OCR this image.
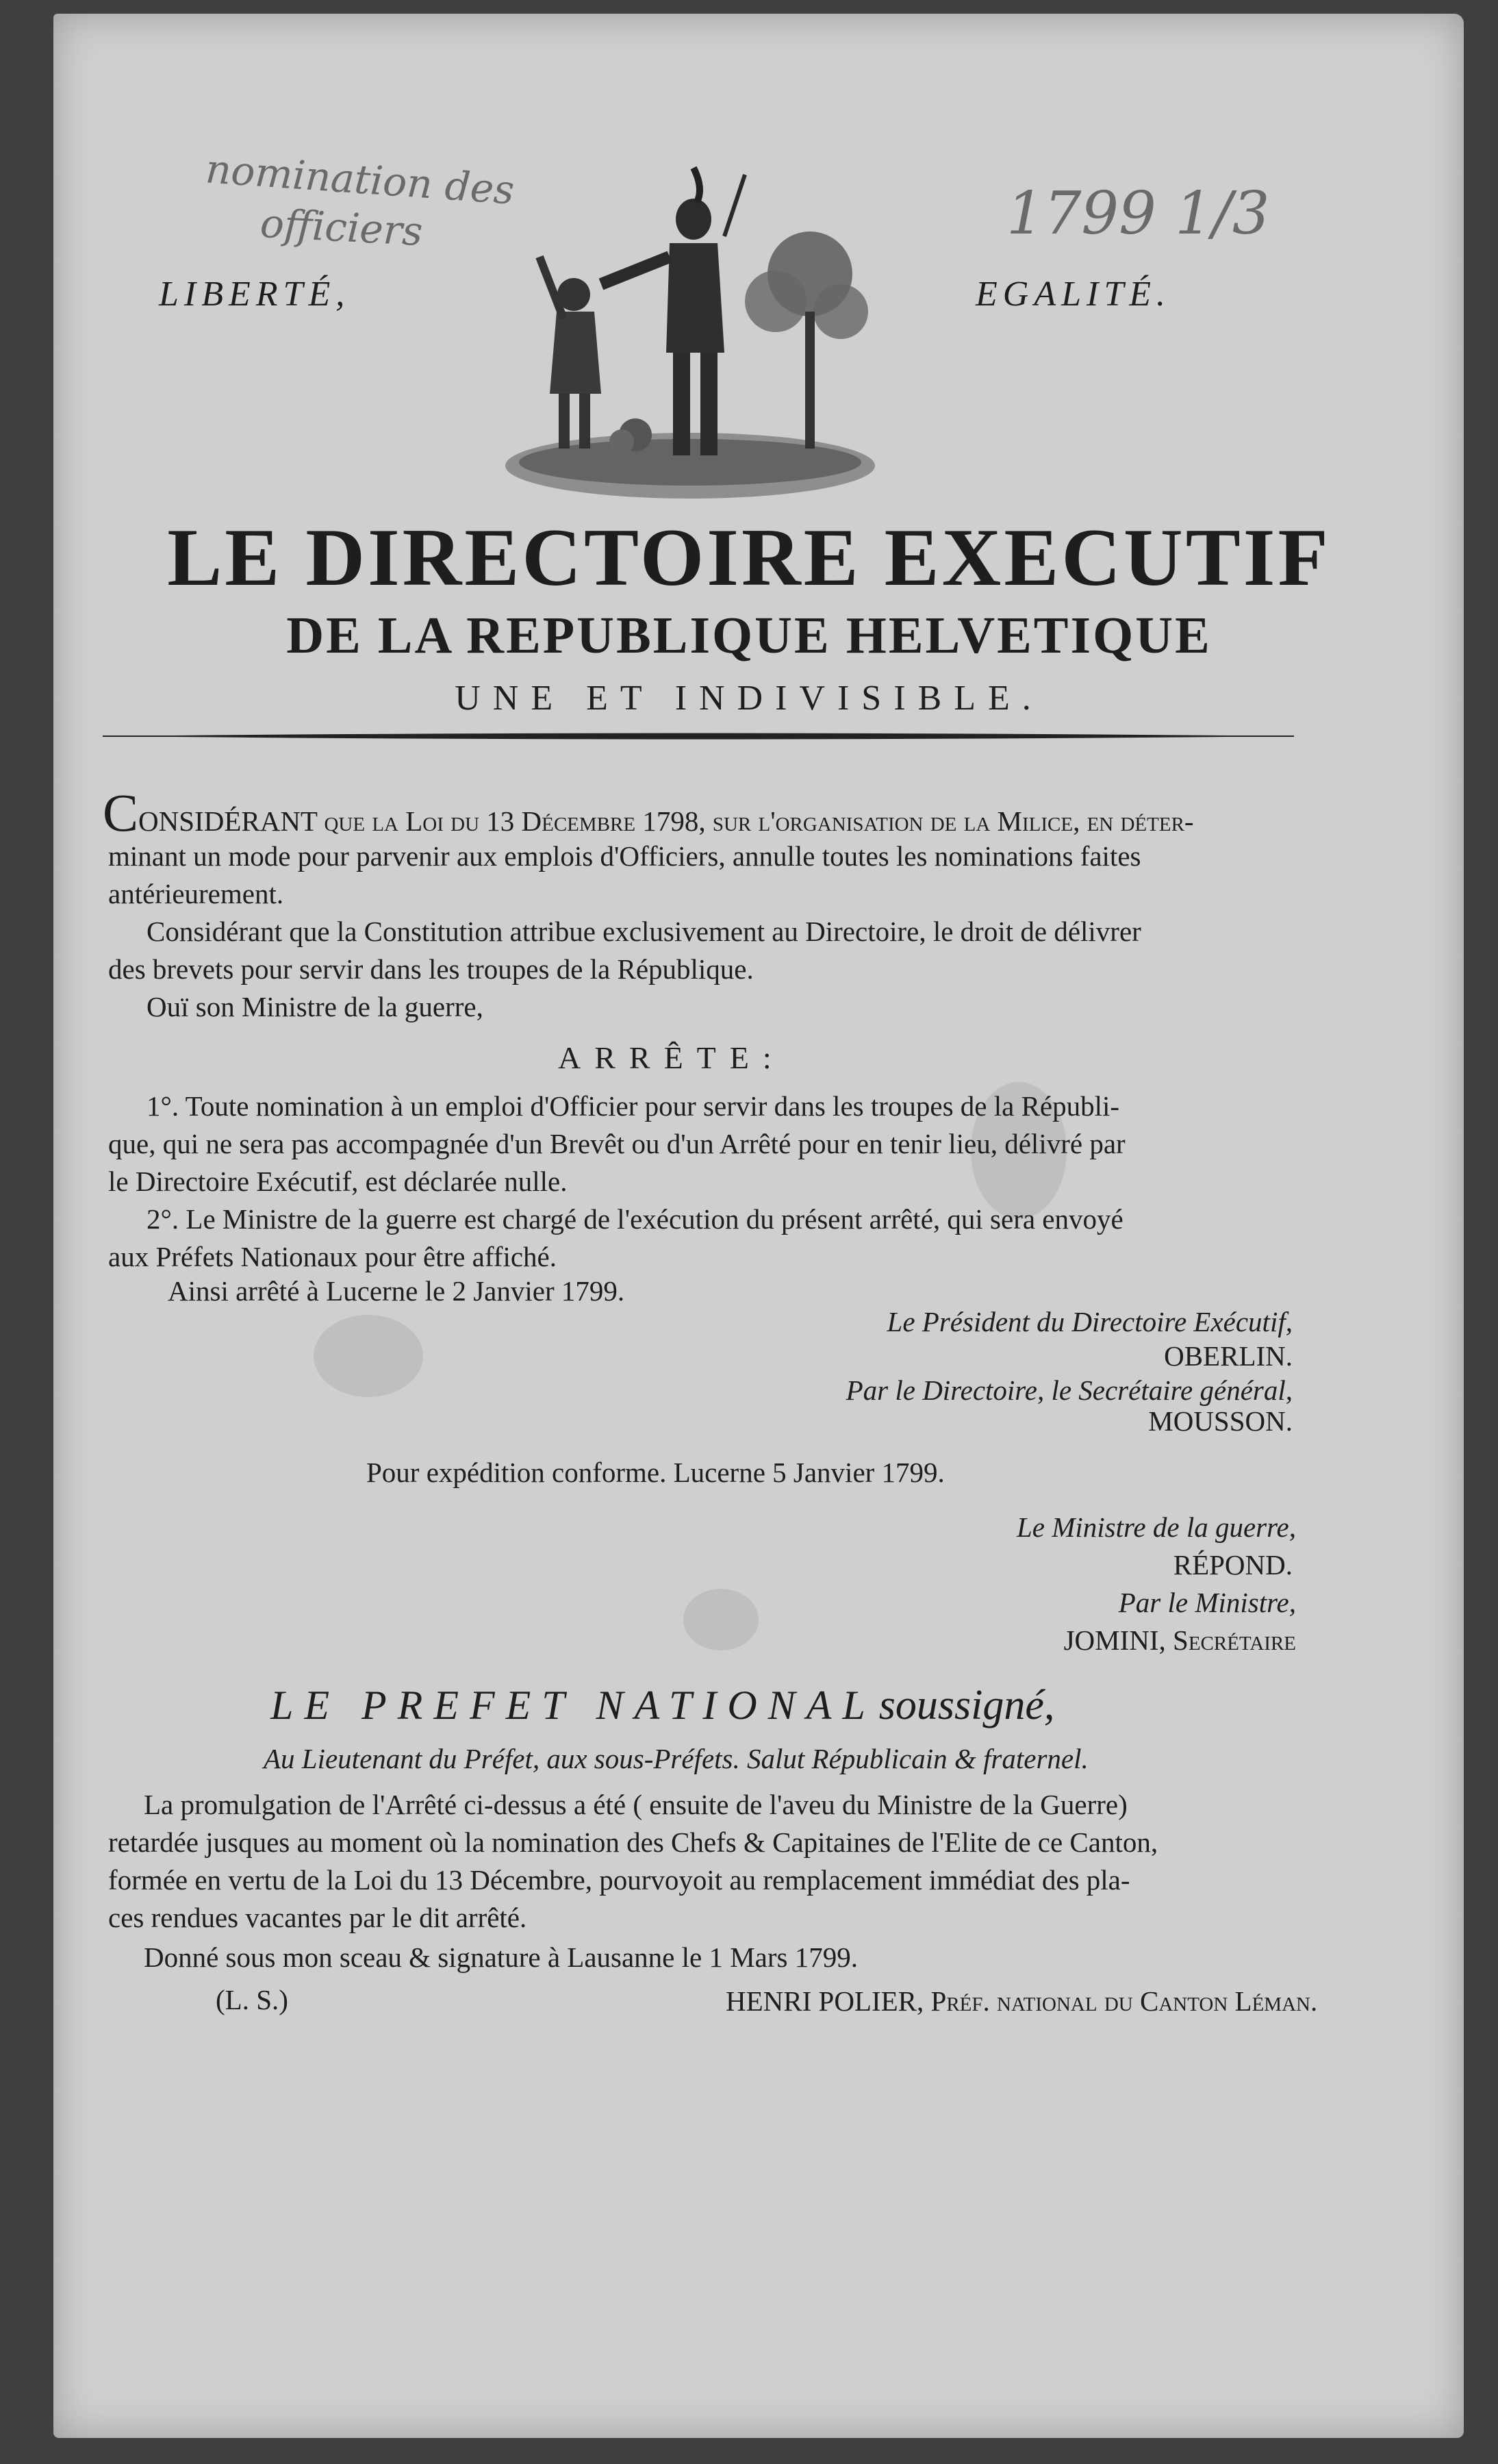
nomination des
officiers	1799 1/3
LIBERTÉ,	EGALITÉ.
LE DIRECTOIRE EXECUTIF
DE LA REPUBLIQUE HELVETIQUE
UNE ET INDIVISIBLE.
CONSIDÉRANT que la Loi du 13 Décembre 1798, sur l'organisation de la Milice, en déter-
minant un mode pour parvenir aux emplois d'Officiers, annulle toutes les nominations faites
antérieurement.
Considérant que la Constitution attribue exclusivement au Directoire, le droit de délivrer
des brevets pour servir dans les troupes de la République.
Ouï son Ministre de la guerre,
ARRÊTE:
1°. Toute nomination à un emploi d'Officier pour servir dans les troupes de la Républi-
que, qui ne sera pas accompagnée d'un Brevêt ou d'un Arrêté pour en tenir lieu, délivré par
le Directoire Exécutif, est déclarée nulle.
2°. Le Ministre de la guerre est chargé de l'exécution du présent arrêté, qui sera envoyé
aux Préfets Nationaux pour être affiché.
Ainsi arrêté à Lucerne le 2 Janvier 1799.
Le Président du Directoire Exécutif,
OBERLIN.
Par le Directoire, le Secrétaire général,
MOUSSON.
Pour expédition conforme. Lucerne 5 Janvier 1799.
Le Ministre de la guerre,
RÉPOND.
Par le Ministre,
JOMINI, Secrétaire
LE PREFET NATIONAL soussigné,
Au Lieutenant du Préfet, aux sous-Préfets. Salut Républicain & fraternel.
La promulgation de l'Arrêté ci-dessus a été ( ensuite de l'aveu du Ministre de la Guerre)
retardée jusques au moment où la nomination des Chefs & Capitaines de l'Elite de ce Canton,
formée en vertu de la Loi du 13 Décembre, pourvoyoit au remplacement immédiat des pla-
ces rendues vacantes par le dit arrêté.
Donné sous mon sceau & signature à Lausanne le 1 Mars 1799.
(L. S.)	HENRI POLIER, Préf. national du Canton Léman.
